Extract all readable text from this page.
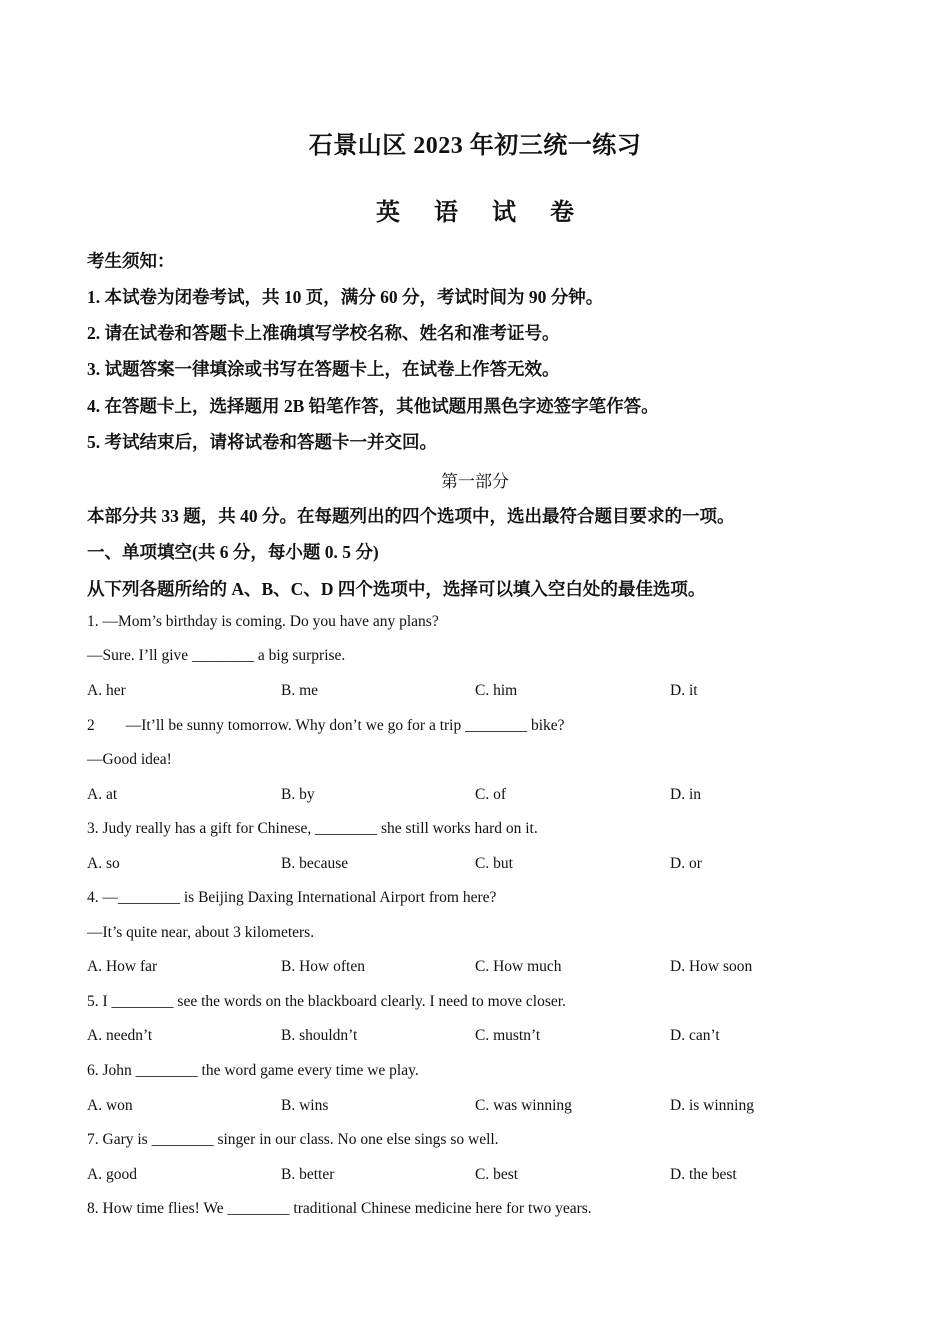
石景山区 2023 年初三统一练习
英 语 试 卷
考生须知：
1. 本试卷为闭卷考试，共 10 页，满分 60 分，考试时间为 90 分钟。
2. 请在试卷和答题卡上准确填写学校名称、姓名和准考证号。
3. 试题答案一律填涂或书写在答题卡上，在试卷上作答无效。
4. 在答题卡上，选择题用 2B 铅笔作答，其他试题用黑色字迹签字笔作答。
5. 考试结束后，请将试卷和答题卡一并交回。
第一部分
本部分共 33 题，共 40 分。在每题列出的四个选项中，选出最符合题目要求的一项。
一、单项填空(共 6 分，每小题 0. 5 分)
从下列各题所给的 A、B、C、D 四个选项中，选择可以填入空白处的最佳选项。
1. —Mom’s birthday is coming. Do you have any plans?
—Sure. I’ll give ________ a big surprise.
A. her	B. me	C. him	D. it
2        —It’ll be sunny tomorrow. Why don’t we go for a trip ________ bike?
—Good idea!
A. at	B. by	C. of	D. in
3. Judy really has a gift for Chinese, ________ she still works hard on it.
A. so	B. because	C. but	D. or
4. —________ is Beijing Daxing International Airport from here?
—It’s quite near, about 3 kilometers.
A. How far	B. How often	C. How much	D. How soon
5. I ________ see the words on the blackboard clearly. I need to move closer.
A. needn’t	B. shouldn’t	C. mustn’t	D. can’t
6. John ________ the word game every time we play.
A. won	B. wins	C. was winning	D. is winning
7. Gary is ________ singer in our class. No one else sings so well.
A. good	B. better	C. best	D. the best
8. How time flies! We ________ traditional Chinese medicine here for two years.
